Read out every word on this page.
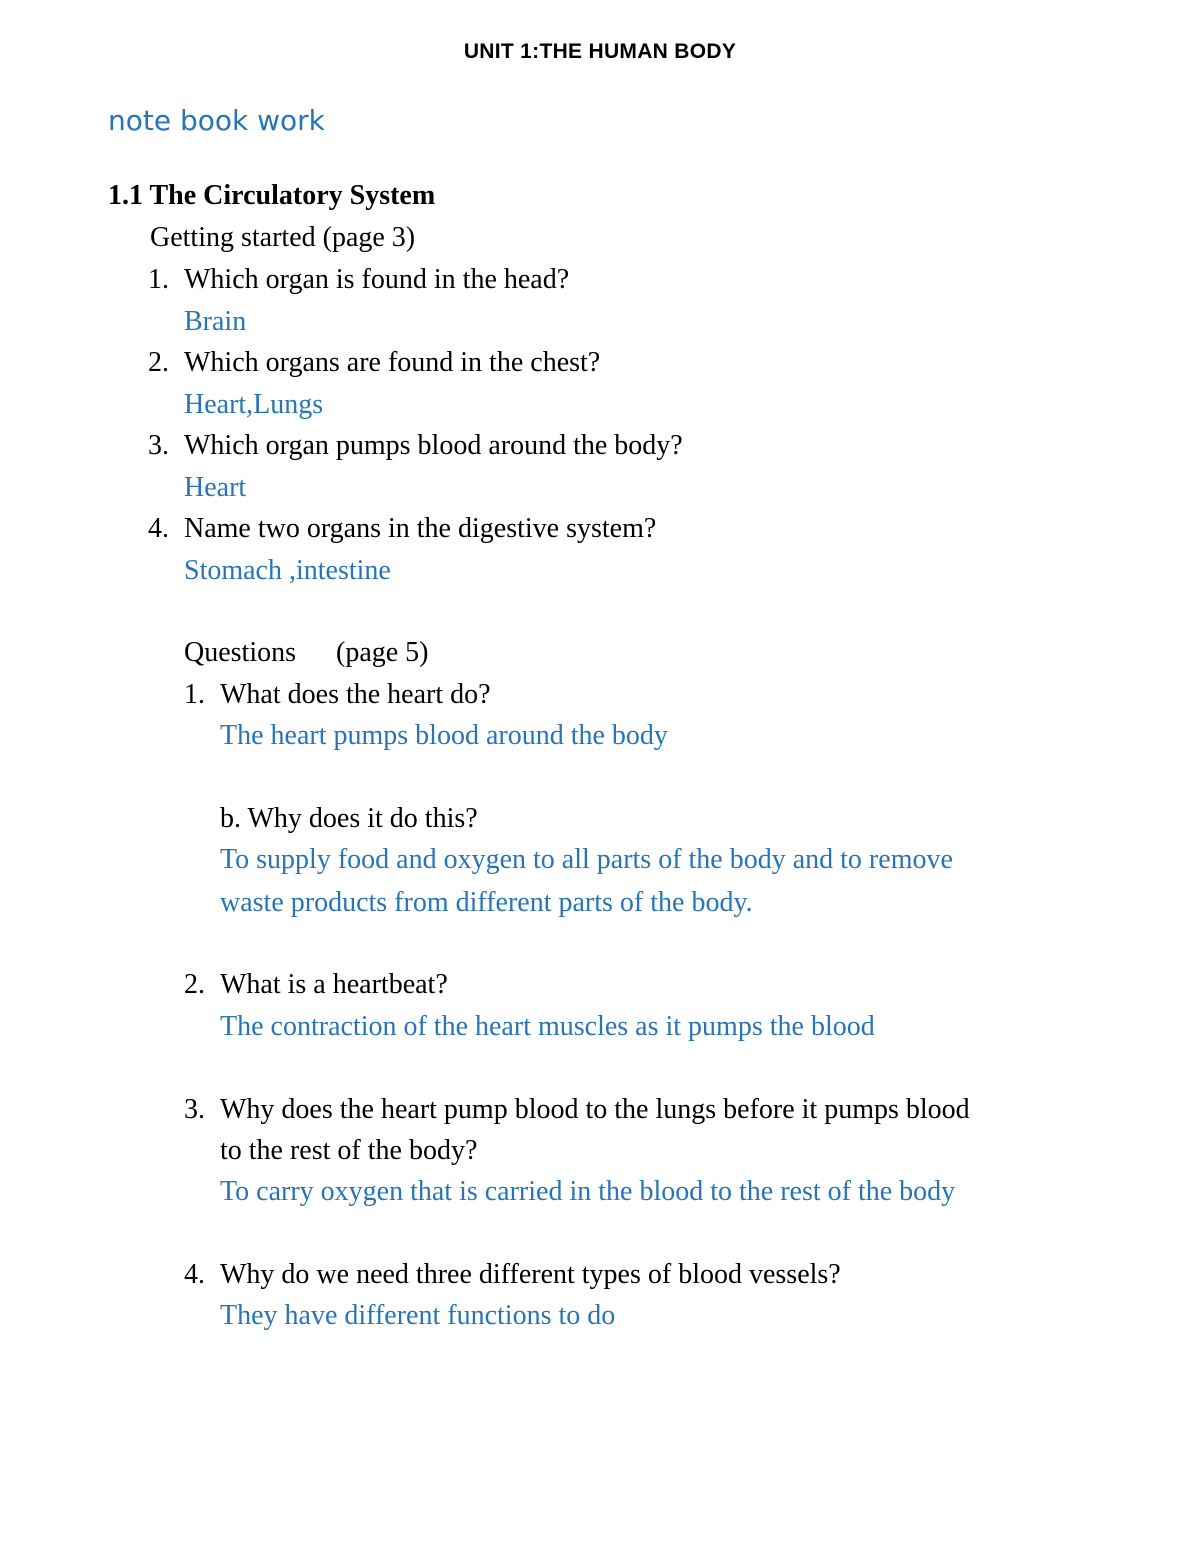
UNIT 1:THE HUMAN BODY
note book work
1.1 The Circulatory System
Getting started (page 3)
1. Which organ is found in the head?
Brain
2. Which organs are found in the chest?
Heart,Lungs
3. Which organ pumps blood around the body?
Heart
4. Name two organs in the digestive system?
Stomach ,intestine
Questions (page 5)
1. What does the heart do?
The heart pumps blood around the body
b. Why does it do this?
To supply food and oxygen to all parts of the body and to remove
waste products from different parts of the body.
2. What is a heartbeat?
The contraction of the heart muscles as it pumps the blood
3. Why does the heart pump blood to the lungs before it pumps blood
to the rest of the body?
To carry oxygen that is carried in the blood to the rest of the body
4. Why do we need three different types of blood vessels?
They have different functions to do
